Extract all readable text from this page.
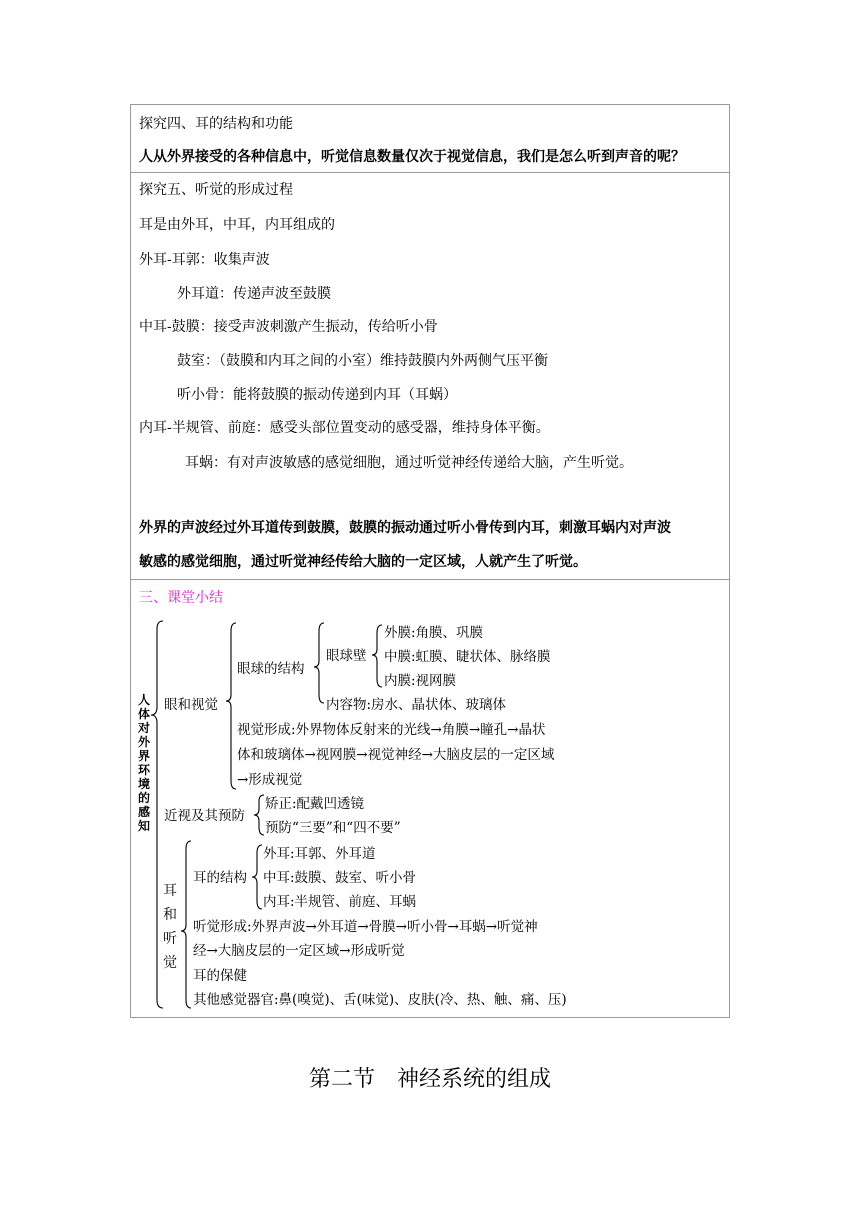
探究四、耳的结构和功能
人从外界接受的各种信息中，听觉信息数量仅次于视觉信息，我们是怎么听到声音的呢？
探究五、听觉的形成过程
耳是由外耳，中耳，内耳组成的
外耳-耳郭：收集声波
外耳道：传递声波至鼓膜
中耳-鼓膜：接受声波刺激产生振动，传给听小骨
鼓室：（鼓膜和内耳之间的小室）维持鼓膜内外两侧气压平衡
听小骨：能将鼓膜的振动传递到内耳（耳蜗）
内耳-半规管、前庭：感受头部位置变动的感受器，维持身体平衡。
耳蜗：有对声波敏感的感觉细胞，通过听觉神经传递给大脑，产生听觉。
外界的声波经过外耳道传到鼓膜，鼓膜的振动通过听小骨传到内耳，刺激耳蜗内对声波
敏感的感觉细胞，通过听觉神经传给大脑的一定区域，人就产生了听觉。
三、课堂小结
人体对外界环境的感知
眼和视觉
眼球的结构
眼球壁
外膜:角膜、巩膜
中膜:虹膜、睫状体、脉络膜
内膜:视网膜
内容物:房水、晶状体、玻璃体
视觉形成:外界物体反射来的光线→角膜→瞳孔→晶状
体和玻璃体→视网膜→视觉神经→大脑皮层的一定区域
→形成视觉
近视及其预防
矫正:配戴凹透镜
预防“三要”和“四不要”
耳和听觉
耳的结构
外耳:耳郭、外耳道
中耳:鼓膜、鼓室、听小骨
内耳:半规管、前庭、耳蜗
听觉形成:外界声波→外耳道→骨膜→听小骨→耳蜗→听觉神
经→大脑皮层的一定区域→形成听觉
耳的保健
其他感觉器官:鼻(嗅觉)、舌(味觉)、皮肤(冷、热、触、痛、压)
第二节　神经系统的组成
